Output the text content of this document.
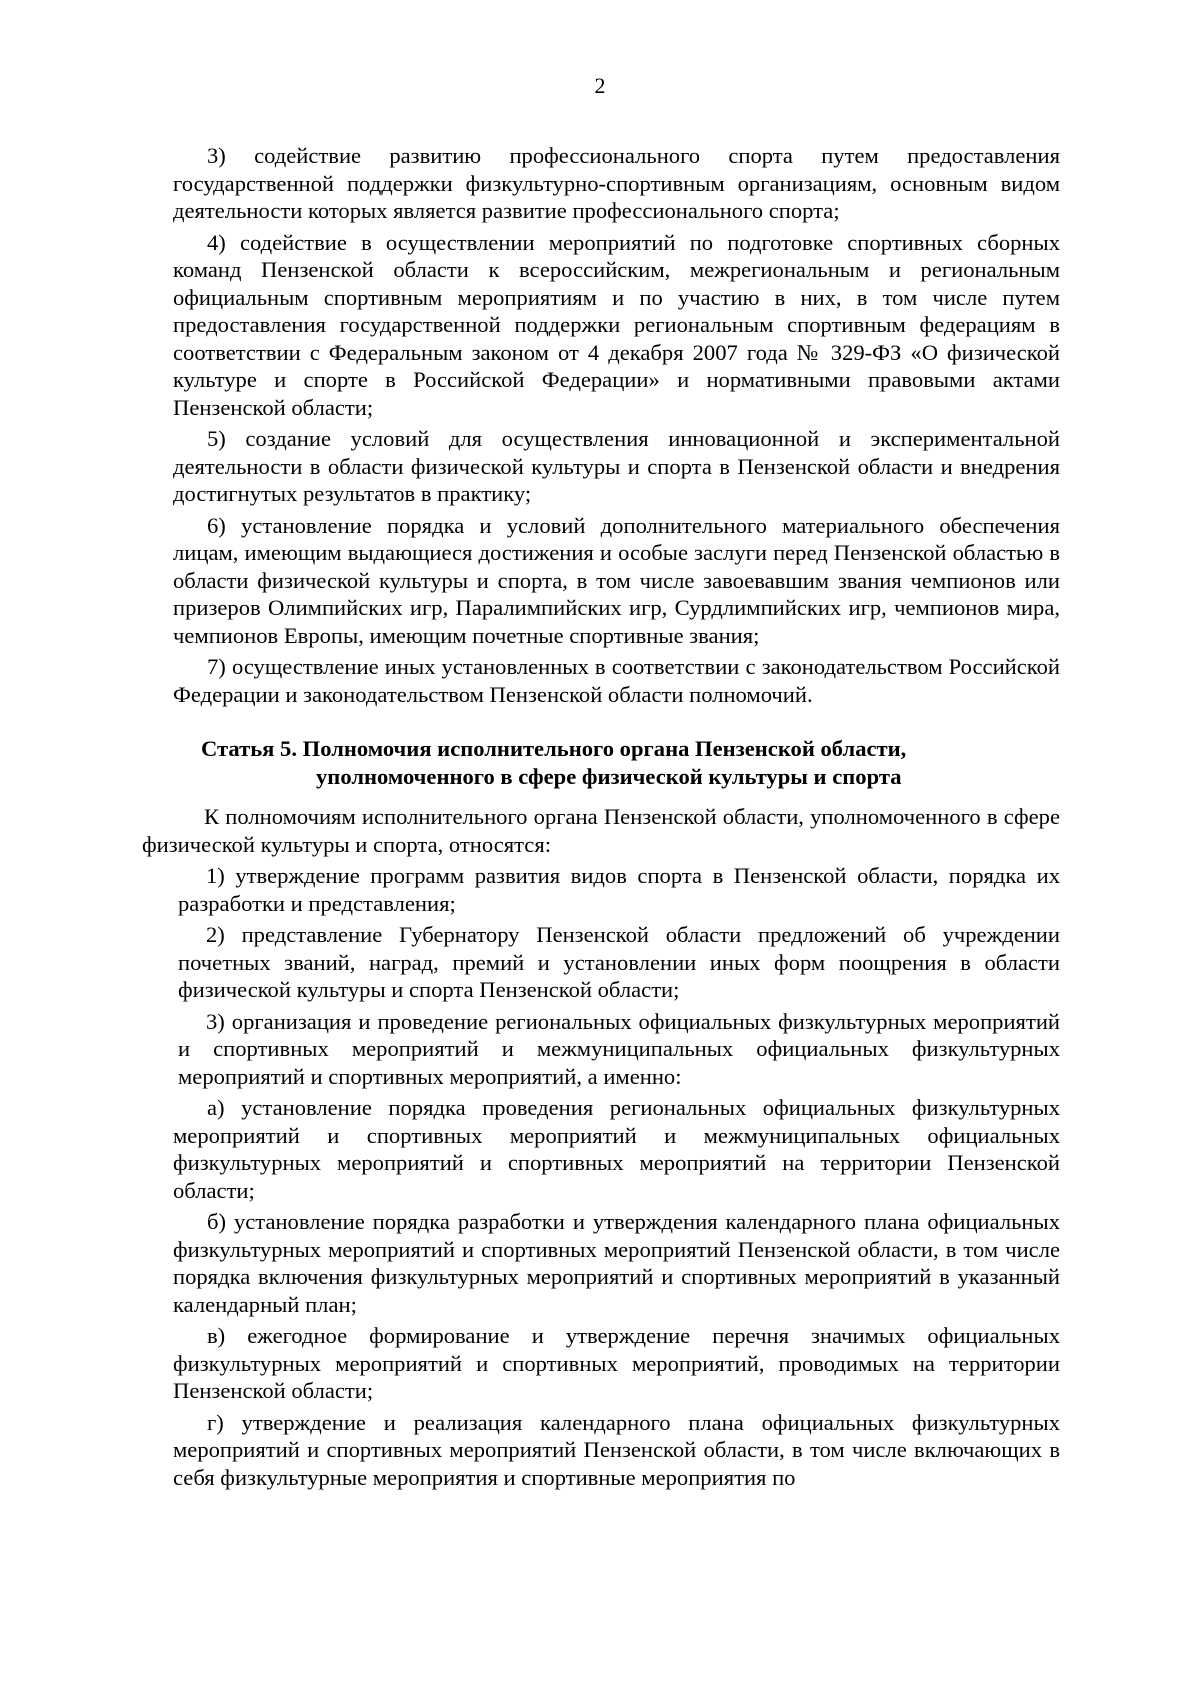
2

3) содействие развитию профессионального спорта путем предоставления государственной поддержки физкультурно-спортивным организациям, основным видом деятельности которых является развитие профессионального спорта;

4) содействие в осуществлении мероприятий по подготовке спортивных сборных команд Пензенской области к всероссийским, межрегиональным и региональным официальным спортивным мероприятиям и по участию в них, в том числе путем предоставления государственной поддержки региональным спортивным федерациям в соответствии с Федеральным законом от 4 декабря 2007 года № 329-ФЗ «О физической культуре и спорте в Российской Федерации» и нормативными правовыми актами Пензенской области;

5) создание условий для осуществления инновационной и экспериментальной деятельности в области физической культуры и спорта в Пензенской области и внедрения достигнутых результатов в практику;

6) установление порядка и условий дополнительного материального обеспечения лицам, имеющим выдающиеся достижения и особые заслуги перед Пензенской областью в области физической культуры и спорта, в том числе завоевавшим звания чемпионов или призеров Олимпийских игр, Паралимпийских игр, Сурдлимпийских игр, чемпионов мира, чемпионов Европы, имеющим почетные спортивные звания;

7) осуществление иных установленных в соответствии с законодательством Российской Федерации и законодательством Пензенской области полномочий.

Статья 5. Полномочия исполнительного органа Пензенской области,
уполномоченного в сфере физической культуры и спорта

К полномочиям исполнительного органа Пензенской области, уполномоченного в сфере физической культуры и спорта, относятся:

1) утверждение программ развития видов спорта в Пензенской области, порядка их разработки и представления;

2) представление Губернатору Пензенской области предложений об учреждении почетных званий, наград, премий и установлении иных форм поощрения в области физической культуры и спорта Пензенской области;

3) организация и проведение региональных официальных физкультурных мероприятий и спортивных мероприятий и межмуниципальных официальных физкультурных мероприятий и спортивных мероприятий, а именно:

а) установление порядка проведения региональных официальных физкультурных мероприятий и спортивных мероприятий и межмуниципальных официальных физкультурных мероприятий и спортивных мероприятий на территории Пензенской области;

б) установление порядка разработки и утверждения календарного плана официальных физкультурных мероприятий и спортивных мероприятий Пензенской области, в том числе порядка включения физкультурных мероприятий и спортивных мероприятий в указанный календарный план;

в) ежегодное формирование и утверждение перечня значимых официальных физкультурных мероприятий и спортивных мероприятий, проводимых на территории Пензенской области;

г) утверждение и реализация календарного плана официальных физкультурных мероприятий и спортивных мероприятий Пензенской области, в том числе включающих в себя физкультурные мероприятия и спортивные мероприятия по
